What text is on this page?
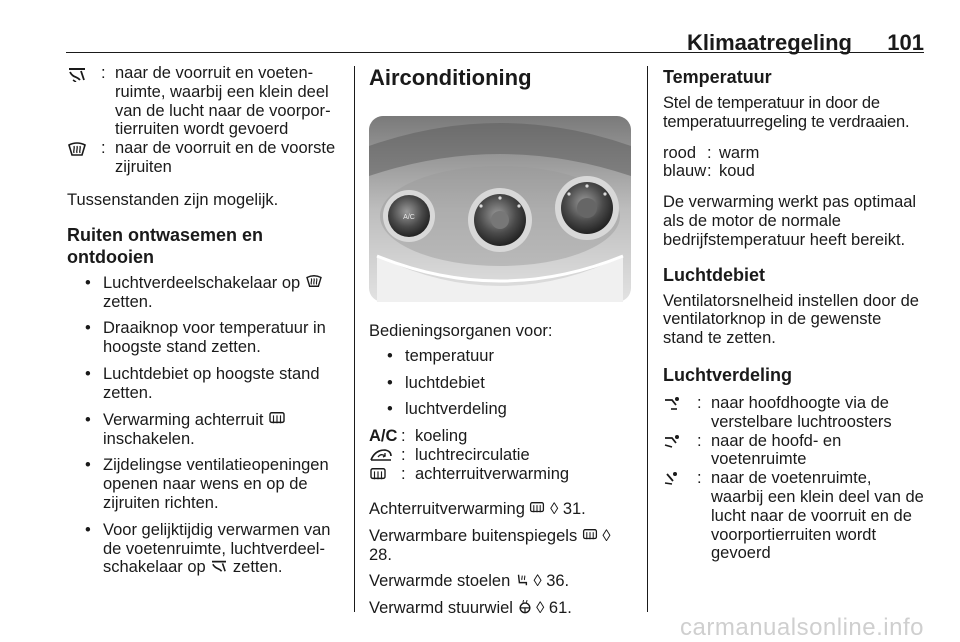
Klimaatregeling 101
: naar de voorruit en voetenruimte, waarbij een klein deel van de lucht naar de voorportierruiten wordt gevoerd
: naar de voorruit en de voorste zijruiten
Tussenstanden zijn mogelijk.
Ruiten ontwasemen en ontdooien
• Luchtverdeelschakelaar op  zetten.
• Draaiknop voor temperatuur in hoogste stand zetten.
• Luchtdebiet op hoogste stand zetten.
• Verwarming achterruit  inschakelen.
• Zijdelingse ventilatieopeningen openen naar wens en op de zijruiten richten.
• Voor gelijktijdig verwarmen van de voetenruimte, luchtverdeelschakelaar op zetten.
Airconditioning
A/C
Bedieningsorganen voor:
• temperatuur
• luchtdebiet
• luchtverdeling
A/C : koeling
: luchtrecirculatie
: achterruitverwarming
Achterruitverwarming ◊ 31.
Verwarmbare buitenspiegels ◊ 28.
Verwarmde stoelen ◊ 36.
Verwarmd stuurwiel ◊ 61.
Temperatuur
Stel de temperatuur in door de temperatuurregeling te verdraaien.
rood : warm
blauw : koud
De verwarming werkt pas optimaal als de motor de normale bedrijfstemperatuur heeft bereikt.
Luchtdebiet
Ventilatorsnelheid instellen door de ventilatorknop in de gewenste stand te zetten.
Luchtverdeling
: naar hoofdhoogte via de verstelbare luchtroosters
: naar de hoofd- en voetenruimte
: naar de voetenruimte, waarbij een klein deel van de lucht naar de voorruit en de voorportierruiten wordt gevoerd
carmanualsonline.info
